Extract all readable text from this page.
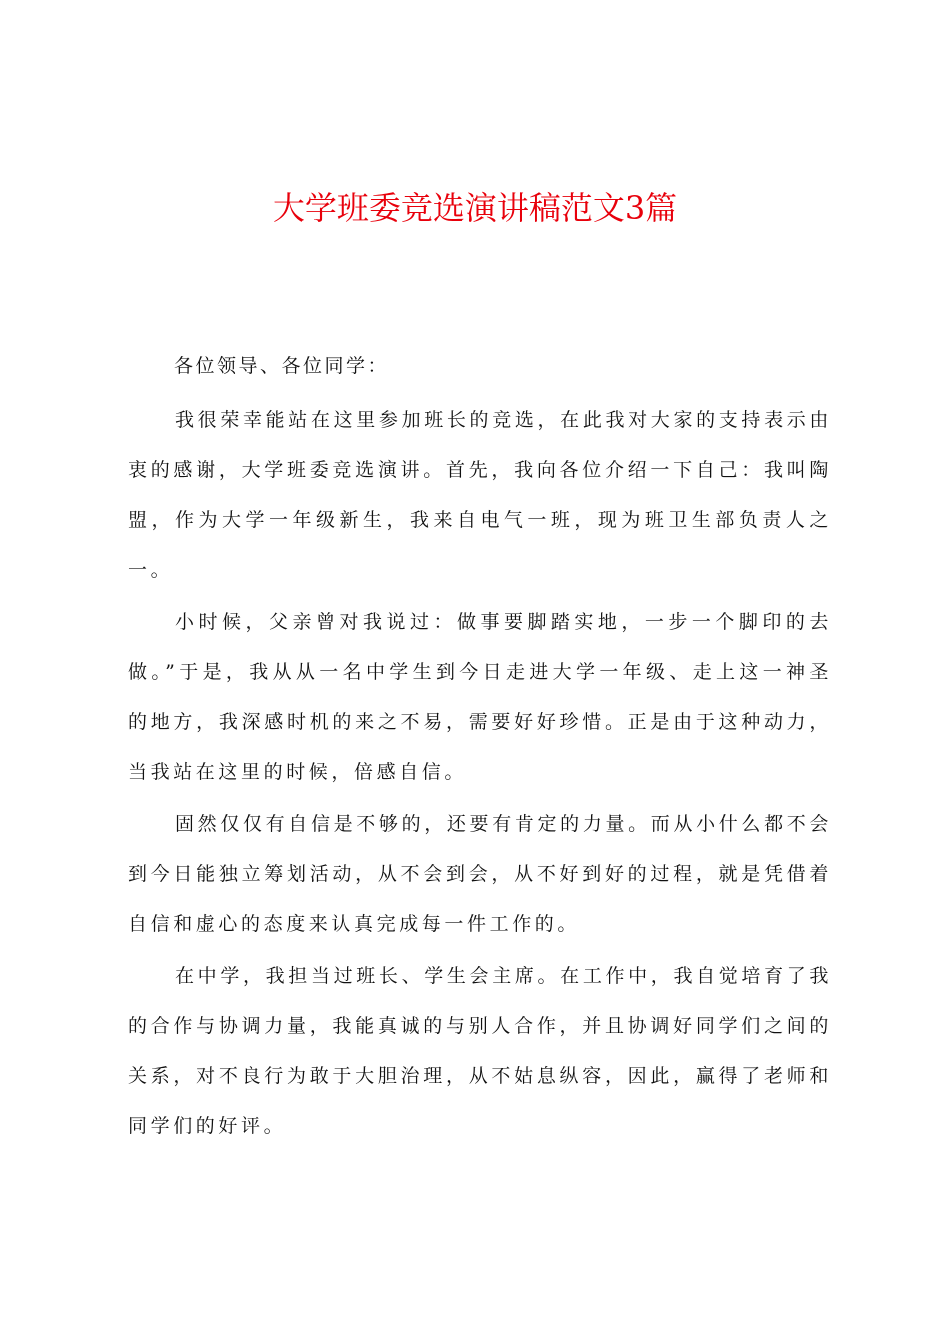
大学班委竞选演讲稿范文3篇

各位领导、各位同学：

我很荣幸能站在这里参加班长的竞选，在此我对大家的支持表示由衷的感谢，大学班委竞选演讲。首先，我向各位介绍一下自己：我叫陶盟，作为大学一年级新生，我来自电气一班，现为班卫生部负责人之一。

小时候，父亲曾对我说过：做事要脚踏实地，一步一个脚印的去做。”于是，我从从一名中学生到今日走进大学一年级、走上这一神圣的地方，我深感时机的来之不易，需要好好珍惜。正是由于这种动力，当我站在这里的时候，倍感自信。

固然仅仅有自信是不够的，还要有肯定的力量。而从小什么都不会到今日能独立筹划活动，从不会到会，从不好到好的过程，就是凭借着自信和虚心的态度来认真完成每一件工作的。

在中学，我担当过班长、学生会主席。在工作中，我自觉培育了我的合作与协调力量，我能真诚的与别人合作，并且协调好同学们之间的关系，对不良行为敢于大胆治理，从不姑息纵容，因此，赢得了老师和同学们的好评。
